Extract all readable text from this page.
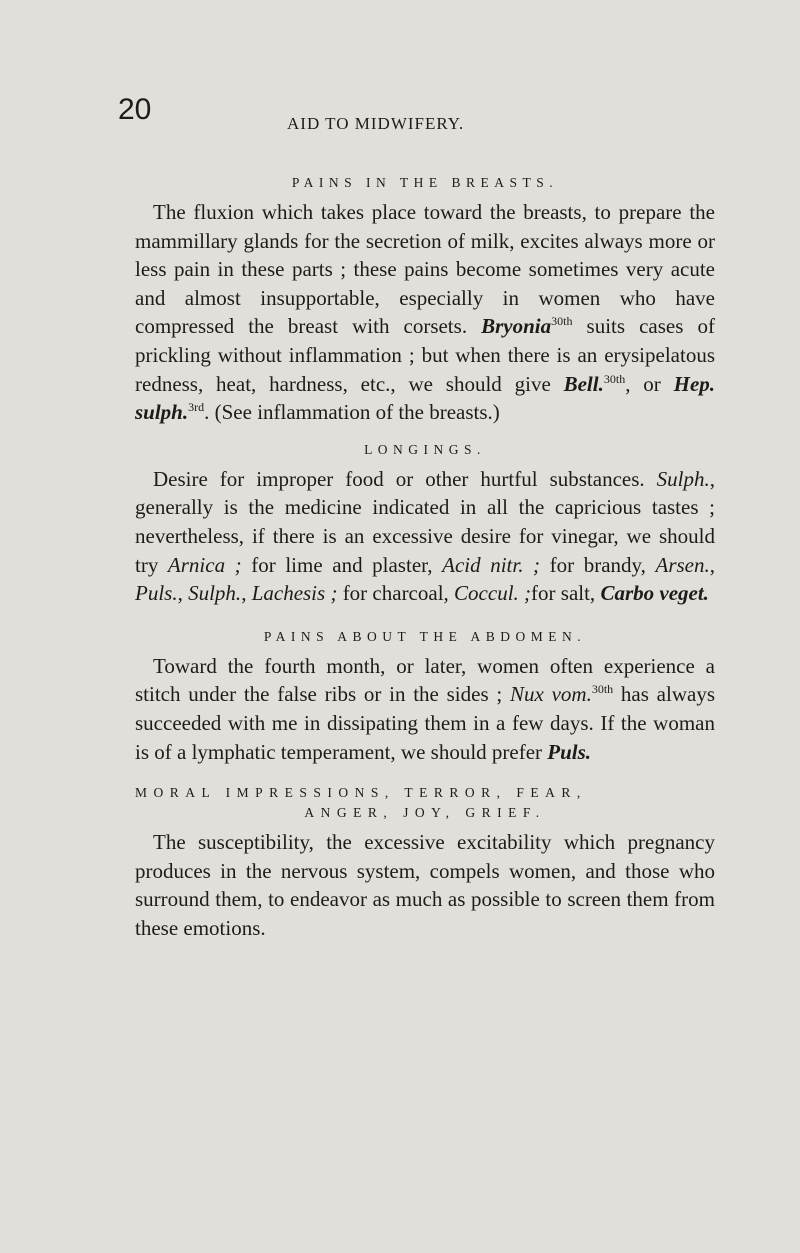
20	AID TO MIDWIFERY.
PAINS IN THE BREASTS.

The fluxion which takes place toward the breasts, to prepare the mammillary glands for the secretion of milk, excites always more or less pain in these parts ; these pains become sometimes very acute and almost insupportable, especially in women who have compressed the breast with corsets. Bryonia$^{30th}$ suits cases of prickling without inflammation ; but when there is an erysipelatous redness, heat, hardness, etc., we should give Bell.$^{30th}$, or Hep. sulph.$^{3rd}$. (See inflammation of the breasts.)

LONGINGS.

Desire for improper food or other hurtful substances. Sulph., generally is the medicine indicated in all the capricious tastes ; nevertheless, if there is an excessive desire for vinegar, we should try Arnica ; for lime and plaster, Acid nitr. ; for brandy, Arsen., Puls., Sulph., Lachesis ; for charcoal, Coccul. ;for salt, Carbo veget.

PAINS ABOUT THE ABDOMEN.

Toward the fourth month, or later, women often experience a stitch under the false ribs or in the sides ; Nux vom.$^{30th}$ has always succeeded with me in dissipating them in a few days. If the woman is of a lymphatic temperament, we should prefer Puls.

MORAL IMPRESSIONS, TERROR, FEAR,
ANGER, JOY, GRIEF.

The susceptibility, the excessive excitability which pregnancy produces in the nervous system, compels women, and those who surround them, to endeavor as much as possible to screen them from these emotions.
